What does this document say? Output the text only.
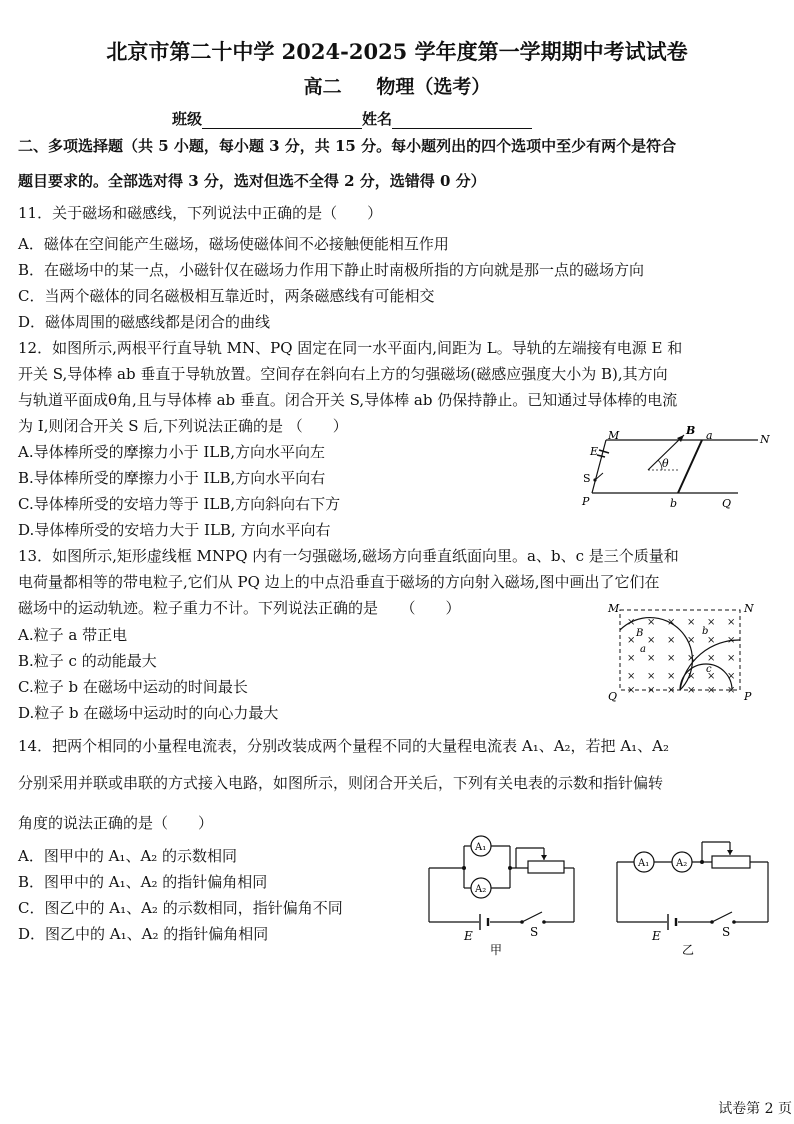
北京市第二十中学 2024-2025 学年度第一学期期中考试试卷
高二 物理（选考）
班级	姓名
二、多项选择题（共 5 小题，每小题 3 分，共 15 分。每小题列出的四个选项中至少有两个是符合
题目要求的。全部选对得 3 分，选对但选不全得 2 分，选错得 0 分）
11．关于磁场和磁感线，下列说法中正确的是（　　）
A．磁体在空间能产生磁场，磁场使磁体间不必接触便能相互作用
B．在磁场中的某一点，小磁针仅在磁场力作用下静止时南极所指的方向就是那一点的磁场方向
C．当两个磁体的同名磁极相互靠近时，两条磁感线有可能相交
D．磁体周围的磁感线都是闭合的曲线
12．如图所示,两根平行直导轨 MN、PQ 固定在同一水平面内,间距为 L。导轨的左端接有电源 E 和
开关 S,导体棒 ab 垂直于导轨放置。空间存在斜向右上方的匀强磁场(磁感应强度大小为 B),其方向
与轨道平面成θ角,且与导体棒 ab 垂直。闭合开关 S,导体棒 ab 仍保持静止。已知通过导体棒的电流
为 I,则闭合开关 S 后,下列说法正确的是 （　　）
A.导体棒所受的摩擦力小于 ILB,方向水平向左
B.导体棒所受的摩擦力小于 ILB,方向水平向右
C.导体棒所受的安培力等于 ILB,方向斜向右下方
D.导体棒所受的安培力大于 ILB, 方向水平向右
M	N
P	Q
E
S
B a
b
θ
13．如图所示,矩形虚线框 MNPQ 内有一匀强磁场,磁场方向垂直纸面向里。a、b、c 是三个质量和
电荷量都相等的带电粒子,它们从 PQ 边上的中点沿垂直于磁场的方向射入磁场,图中画出了它们在
磁场中的运动轨迹。粒子重力不计。下列说法正确的是　　（　　）
A.粒子 a 带正电
B.粒子 c 的动能最大
C.粒子 b 在磁场中运动的时间最长
D.粒子 b 在磁场中运动时的向心力最大
× × × × × ×
× × × × × ×
× × × × × ×
× × × × × ×
× × × × × ×
M	N
Q	P
a
b
c
B
14．把两个相同的小量程电流表，分别改装成两个量程不同的大量程电流表 A₁、A₂，若把 A₁、A₂
分别采用并联或串联的方式接入电路，如图所示，则闭合开关后，下列有关电表的示数和指针偏转
角度的说法正确的是（　　）
A．图甲中的 A₁、A₂ 的示数相同
B．图甲中的 A₁、A₂ 的指针偏角相同
C．图乙中的 A₁、A₂ 的示数相同，指针偏角不同
D．图乙中的 A₁、A₂ 的指针偏角相同
A₁
A₂
E	S
甲
A₁	A₂
E	S
乙
试卷第 2 页
